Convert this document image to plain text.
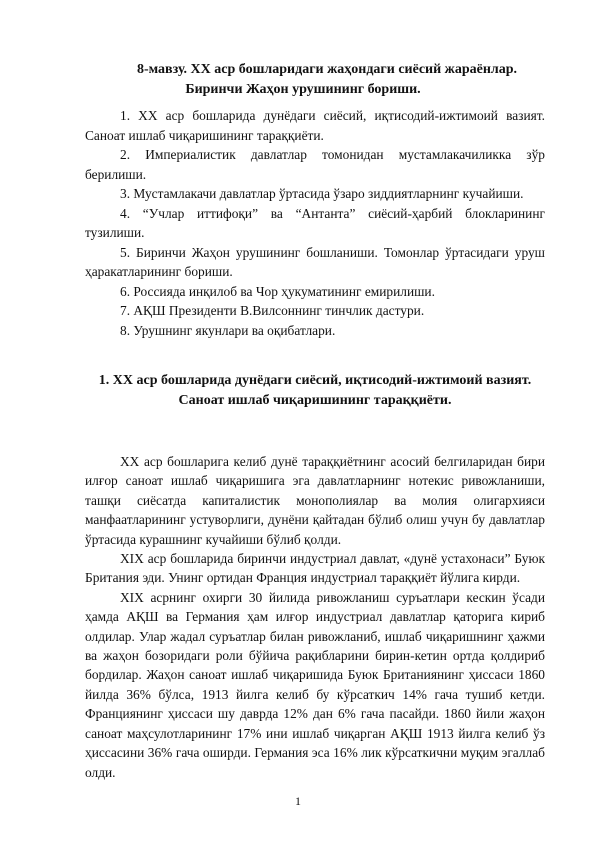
8-мавзу. XX аср бошларидаги жаҳондаги сиёсий жараёнлар.
Биринчи Жаҳон урушининг бориши.
1. XX аср бошларида дунёдаги сиёсий, иқтисодий-ижтимоий вазият. Саноат ишлаб чиқаришининг тараққиёти.
2. Империалистик давлатлар томонидан мустамлакачиликка зўр берилиши.
3. Мустамлакачи давлатлар ўртасида ўзаро зиддиятларнинг кучайиши.
4. “Учлар иттифоқи” ва “Антанта” сиёсий-ҳарбий блокларининг тузилиши.
5. Биринчи Жаҳон урушининг бошланиши. Томонлар ўртасидаги уруш ҳаракатларининг бориши.
6. Россияда инқилоб ва Чор ҳукуматининг емирилиши.
7. АҚШ Президенти В.Вилсоннинг тинчлик дастури.
8. Урушнинг якунлари ва оқибатлари.
1. XX аср бошларида дунёдаги сиёсий, иқтисодий-ижтимоий вазият. Саноат ишлаб чиқаришининг тараққиёти.

XX аср бошларига келиб дунё тараққиётнинг асосий белгиларидан бири илғор саноат ишлаб чиқаришига эга давлатларнинг нотекис ривожланиши, ташқи сиёсатда капиталистик монополиялар ва молия олигархияси манфаатларининг устуворлиги, дунёни қайтадан бўлиб олиш учун бу давлатлар ўртасида курашнинг кучайиши бўлиб қолди.

XIX аср бошларида биринчи индустриал давлат, «дунё устахонаси” Буюк Британия эди. Унинг ортидан Франция индустриал тараққиёт йўлига кирди.

XIX асрнинг охирги 30 йилида ривожланиш суръатлари кескин ўсади ҳамда АҚШ ва Германия ҳам илғор индустриал давлатлар қаторига кириб олдилар. Улар жадал суръатлар билан ривожланиб, ишлаб чиқаришнинг ҳажми ва жаҳон бозоридаги роли бўйича рақибларини бирин-кетин ортда қолдириб бордилар. Жаҳон саноат ишлаб чиқаришида Буюк Британиянинг ҳиссаси 1860 йилда 36% бўлса, 1913 йилга келиб бу кўрсаткич 14% гача тушиб кетди. Франциянинг ҳиссаси шу даврда 12% дан 6% гача пасайди. 1860 йили жаҳон саноат маҳсулотларининг 17% ини ишлаб чиқарган АҚШ 1913 йилга келиб ўз ҳиссасини 36% гача оширди. Германия эса 16% лик кўрсаткични муқим эгаллаб олди.

1
